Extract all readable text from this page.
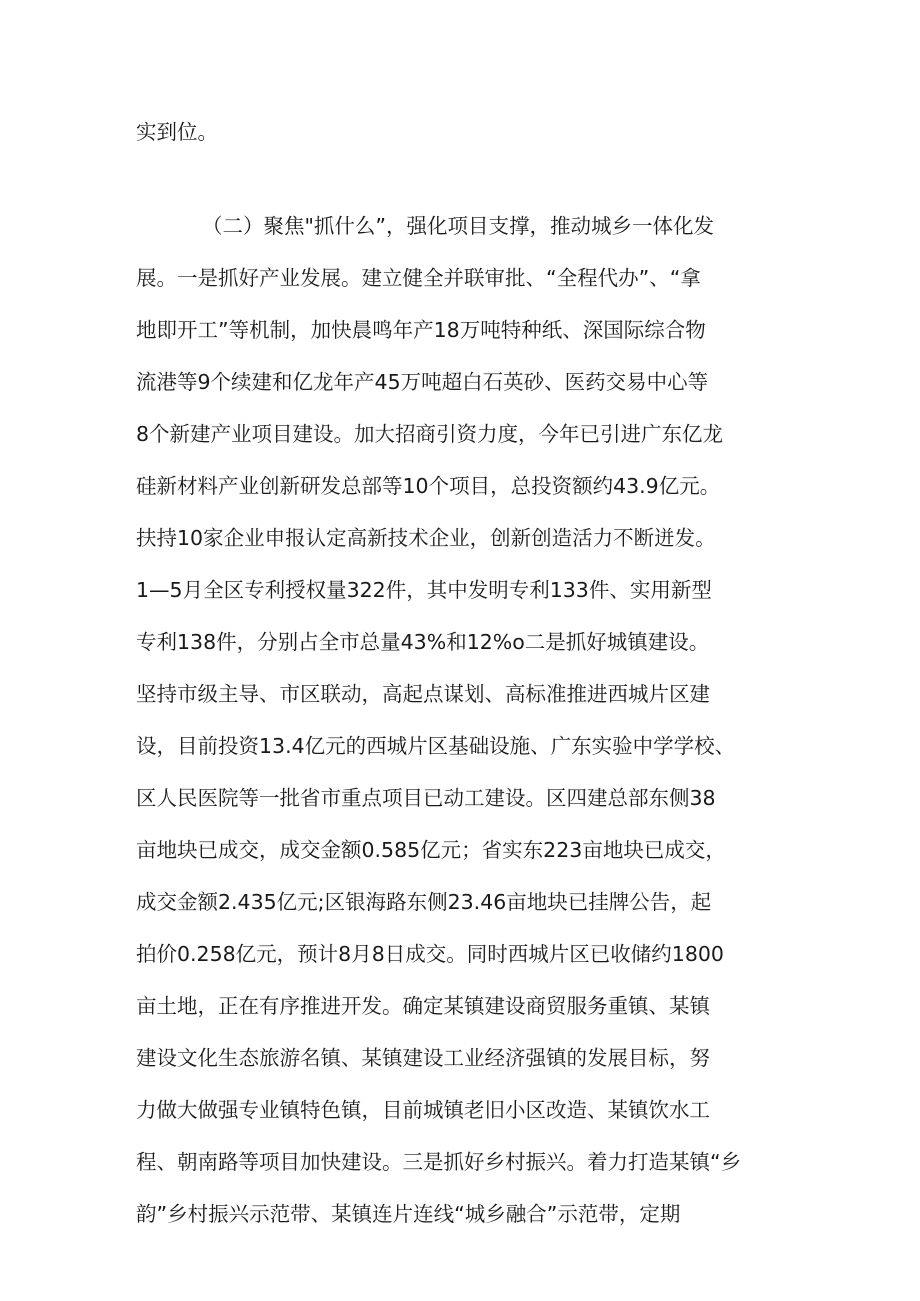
实到位。
（二）聚焦"抓什么”，强化项目支撑，推动城乡一体化发
展。一是抓好产业发展。建立健全并联审批、“全程代办”、“拿
地即开工”等机制，加快晨鸣年产18万吨特种纸、深国际综合物
流港等9个续建和亿龙年产45万吨超白石英砂、医药交易中心等
8个新建产业项目建设。加大招商引资力度，今年已引进广东亿龙
硅新材料产业创新研发总部等10个项目，总投资额约43.9亿元。
扶持10家企业申报认定高新技术企业，创新创造活力不断迸发。
1—5月全区专利授权量322件，其中发明专利133件、实用新型
专利138件，分别占全市总量43%和12%o二是抓好城镇建设。
坚持市级主导、市区联动，高起点谋划、高标准推进西城片区建
设，目前投资13.4亿元的西城片区基础设施、广东实验中学学校、
区人民医院等一批省市重点项目已动工建设。区四建总部东侧38
亩地块已成交，成交金额0.585亿元；省实东223亩地块已成交，
成交金额2.435亿元;区银海路东侧23.46亩地块已挂牌公告，起
拍价0.258亿元，预计8月8日成交。同时西城片区已收储约1800
亩土地，正在有序推进开发。确定某镇建设商贸服务重镇、某镇
建设文化生态旅游名镇、某镇建设工业经济强镇的发展目标，努
力做大做强专业镇特色镇，目前城镇老旧小区改造、某镇饮水工
程、朝南路等项目加快建设。三是抓好乡村振兴。着力打造某镇“乡
韵”乡村振兴示范带、某镇连片连线“城乡融合”示范带，定期
